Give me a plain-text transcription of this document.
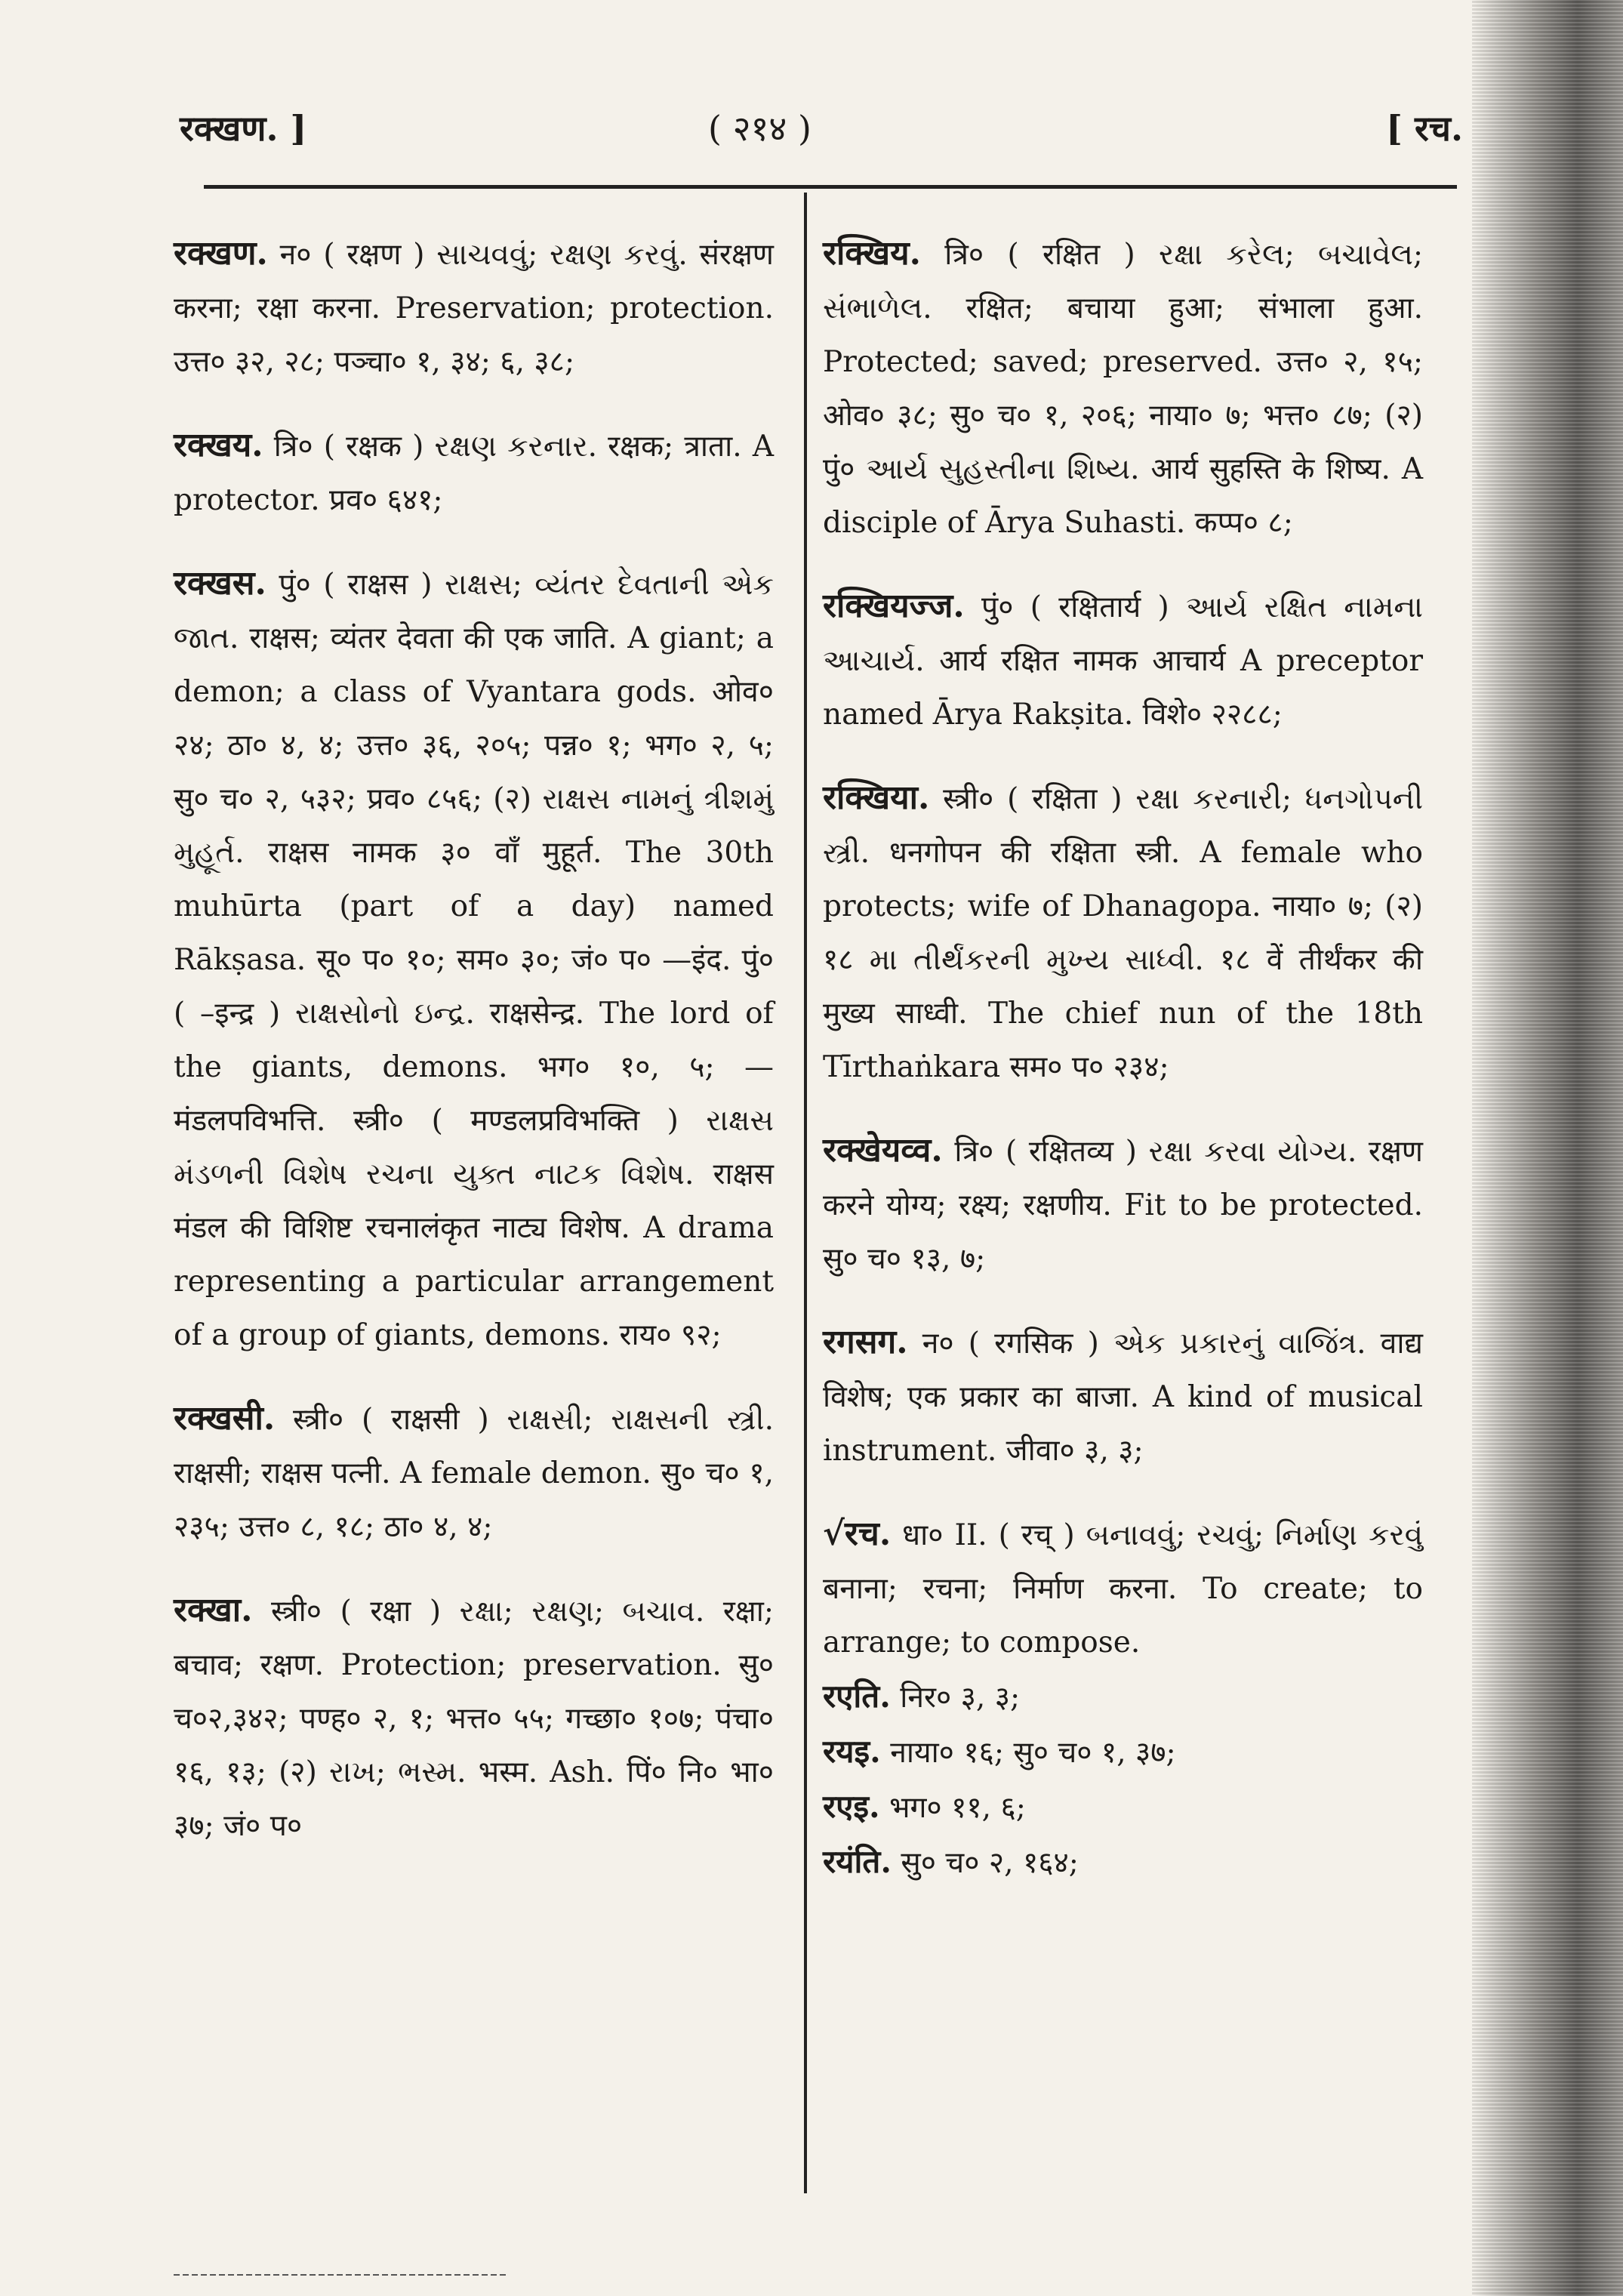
रक्खण. ]	( २१४ )	[ रच.

रक्खण. न० ( रक्षण ) સાચવવું; રક્ષણ કરવું. संरक्षण करना; रक्षा करना. Preservation; protection. उत्त० ३२, २८; पञ्चा० १, ३४; ६, ३८;

रक्खय. त्रि० ( रक्षक ) રક્ષણ કરનાર. रक्षक; त्राता. A protector. प्रव० ६४१;

रक्खस. पुं० ( राक्षस ) રાક્ષસ; વ્યંતર દેવતાની એક જાત. राक्षस; व्यंतर देवता की एक जाति. A giant; a demon; a class of Vyantara gods. ओव० २४; ठा० ४, ४; उत्त० ३६, २०५; पन्न० १; भग० २, ५; सु० च० २, ५३२; प्रव० ८५६; (२) રાક્ષસ નામનું ત્રીશમું મુહૂર્ત. राक्षस नामक ३० वाँ मुहूर्त. The 30th muhūrta (part of a day) named Rākṣasa. सू० प० १०; सम० ३०; जं० प० —इंद. पुं० ( –इन्द्र ) રાક્ષસોનો ઇન્દ્ર. राक्षसेन्द्र. The lord of the giants, demons. भग० १०, ५; —मंडलपविभत्ति. स्त्री० ( मण्डलप्रविभक्ति ) રાક્ષસ મંડળની વિશેષ રચના યુક્ત નાટક વિશેષ. राक्षस मंडल की विशिष्ट रचनालंकृत नाट्य विशेष. A drama representing a particular arrangement of a group of giants, demons. राय० ९२;

रक्खसी. स्त्री० ( राक्षसी ) રાક્ષસી; રાક્ષસની સ્ત્રી. राक्षसी; राक्षस पत्नी. A female demon. सु० च० १, २३५; उत्त० ८, १८; ठा० ४, ४;

रक्खा. स्त्री० ( रक्षा ) રક્ષા; રક્ષણ; બચાવ. रक्षा; बचाव; रक्षण. Protection; preservation. सु० च०२,३४२; पण्ह० २, १; भत्त० ५५; गच्छा० १०७; पंचा० १६, १३; (२) રાખ; ભસ્મ. भस्म. Ash. पिं० नि० भा० ३७; जं० प०

रक्खिय. त्रि० ( रक्षित ) રક્ષા કરેલ; બચાવેલ; સંભાળેલ. रक्षित; बचाया हुआ; संभाला हुआ. Protected; saved; preserved. उत्त० २, १५; ओव० ३८; सु० च० १, २०६; नाया० ७; भत्त० ८७; (२) पुं० આર્ય સુહસ્તીના શિષ્ય. आर्य सुहस्ति के शिष्य. A disciple of Ārya Suhasti. कप्प० ८;

रक्खियज्ज. पुं० ( रक्षितार्य ) આર્ય રક્ષિત નામના આચાર્ય. आर्य रक्षित नामक आचार्य A preceptor named Ārya Rakṣita. विशे० २२८८;

रक्खिया. स्त्री० ( रक्षिता ) રક્ષા કરનારી; ધનગોપની સ્ત્રી. धनगोपन की रक्षिता स्त्री. A female who protects; wife of Dhanagopa. नाया० ७; (२) १८ મા તીર્થંકરની મુખ્ય સાધ્વી. १८ वें तीर्थंकर की मुख्य साध्वी. The chief nun of the 18th Tīrthaṅkara सम० प० २३४;

रक्खेयव्व. त्रि० ( रक्षितव्य ) રક્ષા કરવા યોગ્ય. रक्षण करने योग्य; रक्ष्य; रक्षणीय. Fit to be protected. सु० च० १३, ७;

रगसग. न० ( रगसिक ) એક પ્રકારનું વાજિંત્ર. वाद्य विशेष; एक प्रकार का बाजा. A kind of musical instrument. जीवा० ३, ३;

√रच. धा० II. ( रच् ) બનાવવું; રચવું; નિર્માણ કરવું बनाना; रचना; निर्माण करना. To create; to arrange; to compose.

रएति. निर० ३, ३;
रयइ. नाया० १६; सु० च० १, ३७;
रएइ. भग० ११, ६;
रयंति. सु० च० २, १६४;
